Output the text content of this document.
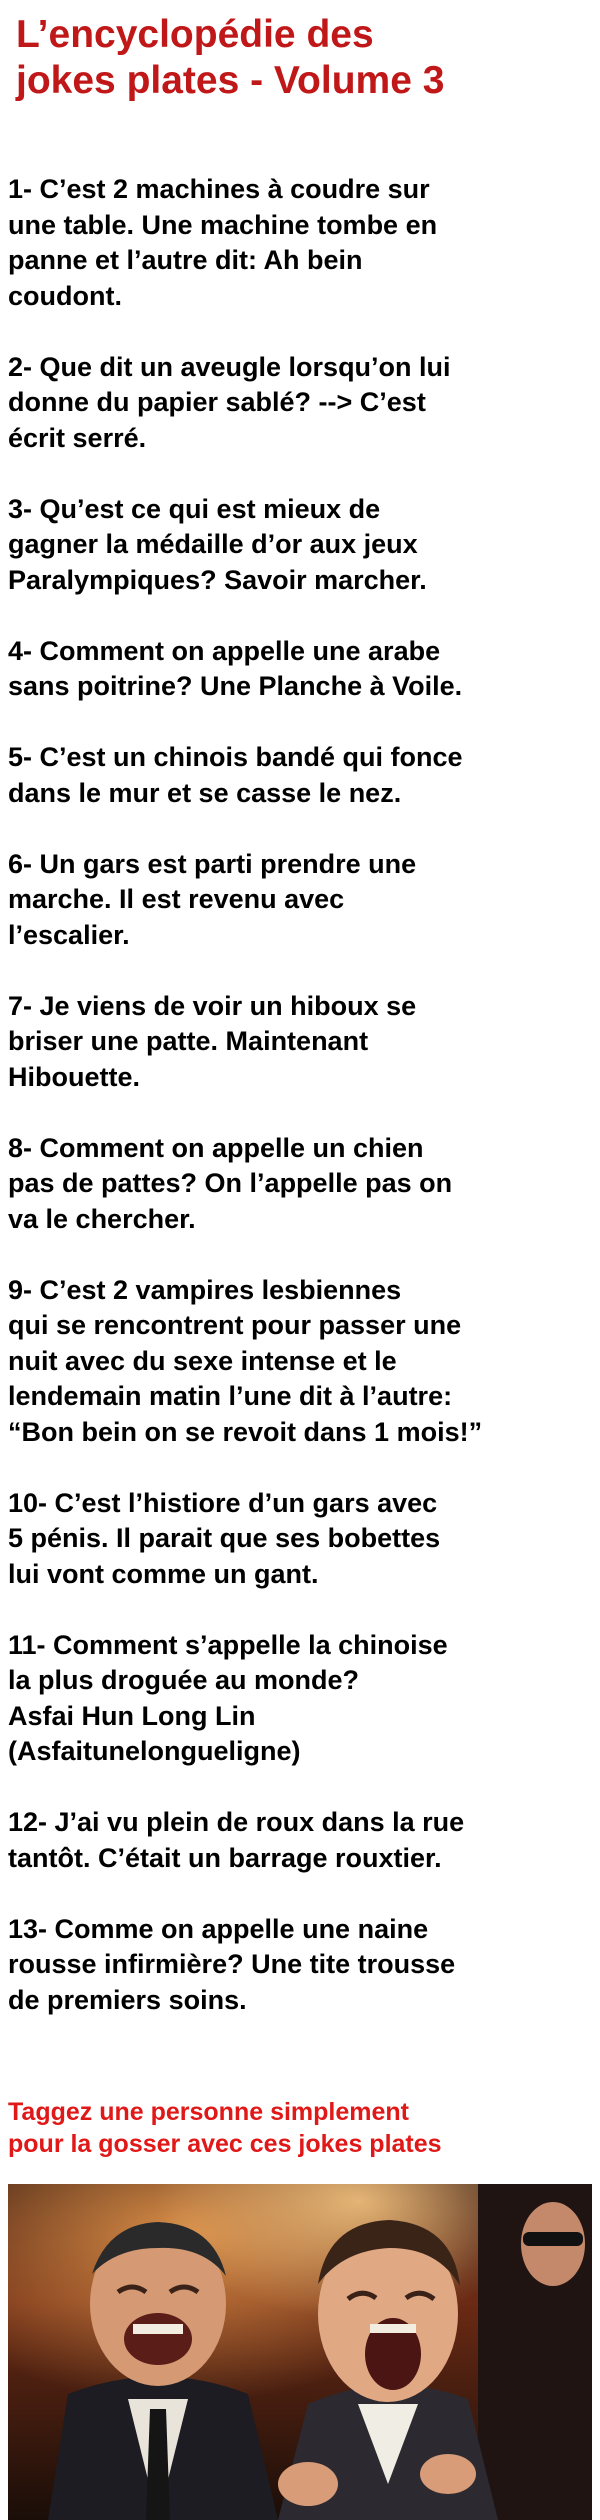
L’encyclopédie des
jokes plates - Volume 3
1- C’est 2 machines à coudre sur
une table. Une machine tombe en
panne et l’autre dit: Ah bein
coudont.
2- Que dit un aveugle lorsqu’on lui
donne du papier sablé? --> C’est
écrit serré.
3- Qu’est ce qui est mieux de
gagner la médaille d’or aux jeux
Paralympiques? Savoir marcher.
4- Comment on appelle une arabe
sans poitrine? Une Planche à Voile.
5- C’est un chinois bandé qui fonce
dans le mur et se casse le nez.
6- Un gars est parti prendre une
marche. Il est revenu avec
l’escalier.
7- Je viens de voir un hiboux se
briser une patte. Maintenant
Hibouette.
8- Comment on appelle un chien
pas de pattes? On l’appelle pas on
va le chercher.
9- C’est 2 vampires lesbiennes
qui se rencontrent pour passer une
nuit avec du sexe intense et le
lendemain matin l’une dit à l’autre:
“Bon bein on se revoit dans 1 mois!”
10- C’est l’histiore d’un gars avec
5 pénis. Il parait que ses bobettes
lui vont comme un gant.
11- Comment s’appelle la chinoise
la plus droguée au monde?
Asfai Hun Long Lin
(Asfaitunelongueligne)
12- J’ai vu plein de roux dans la rue
tantôt. C’était un barrage rouxtier.
13- Comme on appelle une naine
rousse infirmière? Une tite trousse
de premiers soins.

Taggez une personne simplement
pour la gosser avec ces jokes plates
